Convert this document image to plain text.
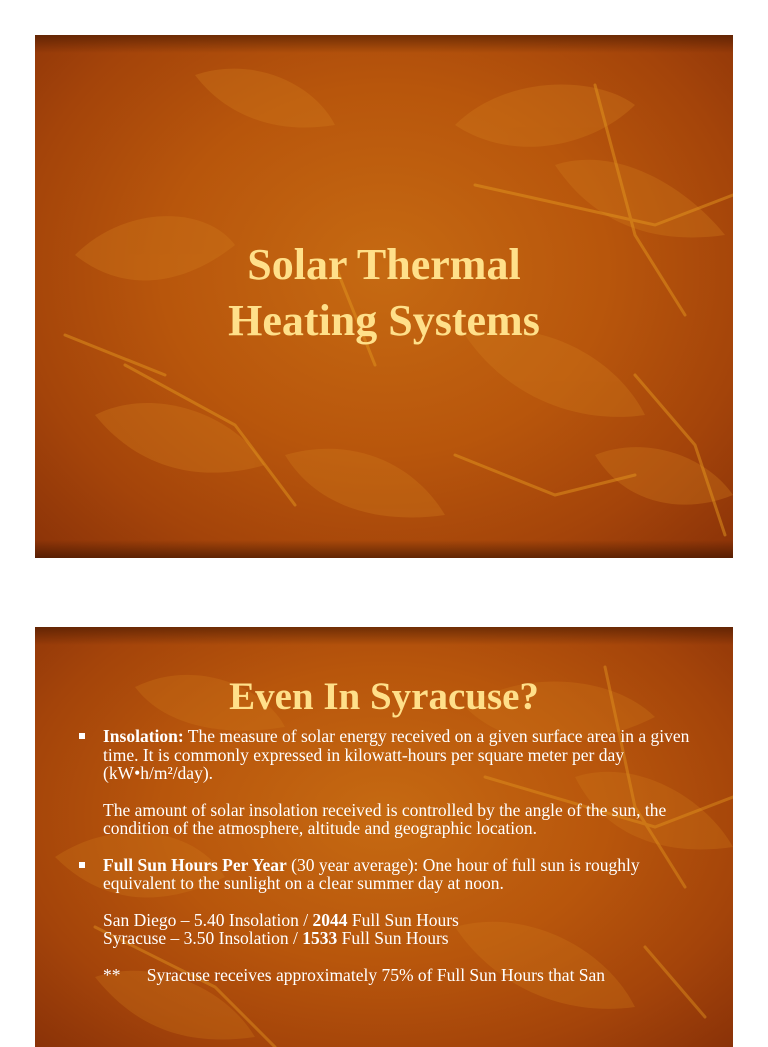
Solar Thermal
Heating Systems
Even In Syracuse?

Insolation: The measure of solar energy received on a given surface area in a given time. It is commonly expressed in kilowatt-hours per square meter per day (kW•h/m²/day).

The amount of solar insolation received is controlled by the angle of the sun, the condition of the atmosphere, altitude and geographic location.

Full Sun Hours Per Year (30 year average): One hour of full sun is roughly equivalent to the sunlight on a clear summer day at noon.

San Diego – 5.40 Insolation / 2044 Full Sun Hours

Syracuse – 3.50 Insolation / 1533 Full Sun Hours

**      Syracuse receives approximately 75% of Full Sun Hours that San
